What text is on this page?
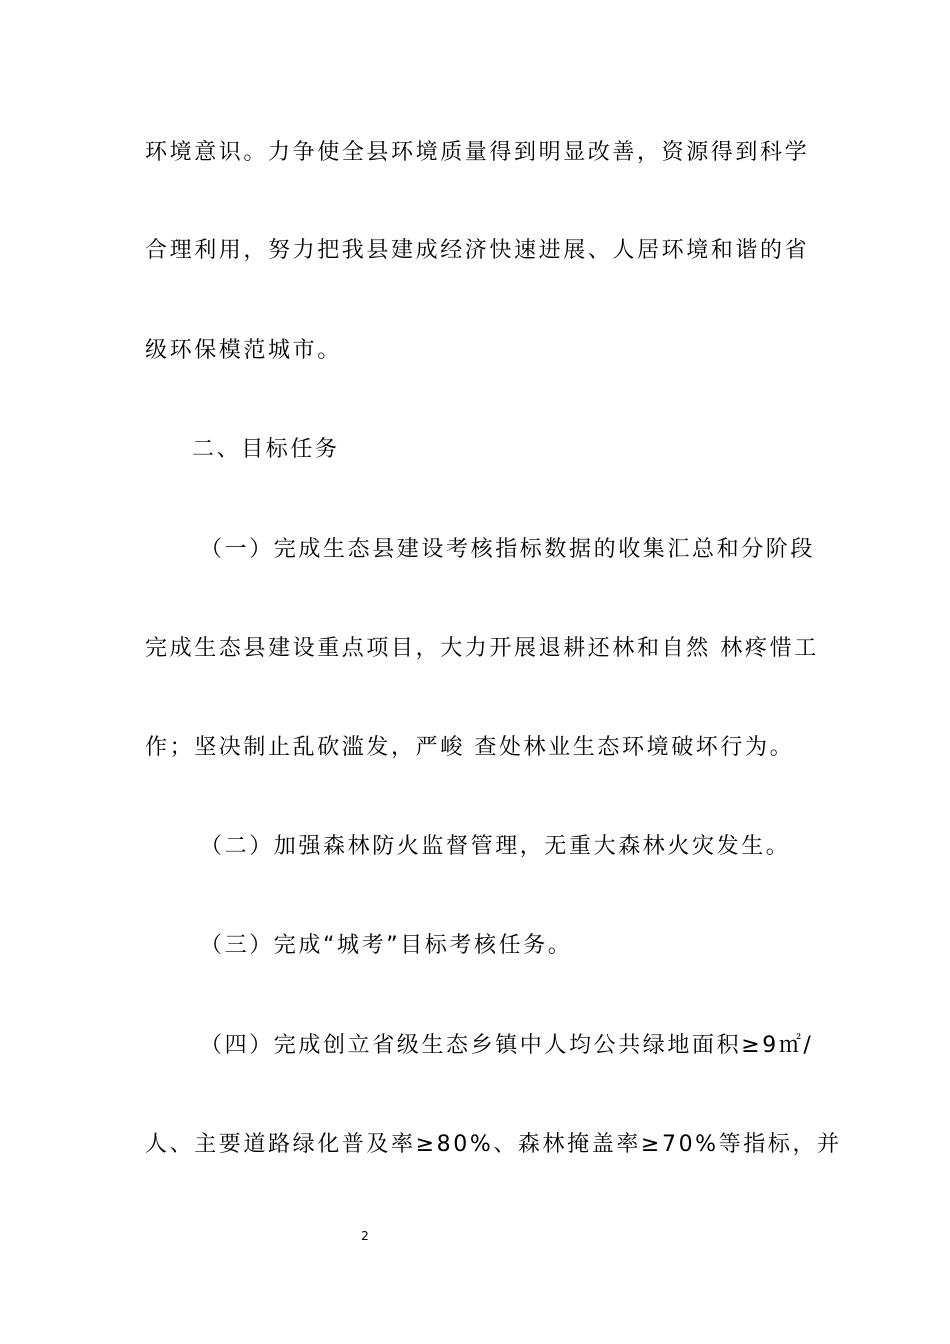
环境意识。力争使全县环境质量得到明显改善，资源得到科学
合理利用，努力把我县建成经济快速进展、人居环境和谐的省
级环保模范城市。
二、目标任务
（一）完成生态县建设考核指标数据的收集汇总和分阶段
完成生态县建设重点项目，大力开展退耕还林和自然 林疼惜工
作；坚决制止乱砍滥发，严峻 查处林业生态环境破坏行为。
（二）加强森林防火监督管理，无重大森林火灾发生。
（三）完成“城考”目标考核任务。
（四）完成创立省级生态乡镇中人均公共绿地面积≥9㎡/
人、主要道路绿化普及率≥80%、森林掩盖率≥70%等指标，并
2
